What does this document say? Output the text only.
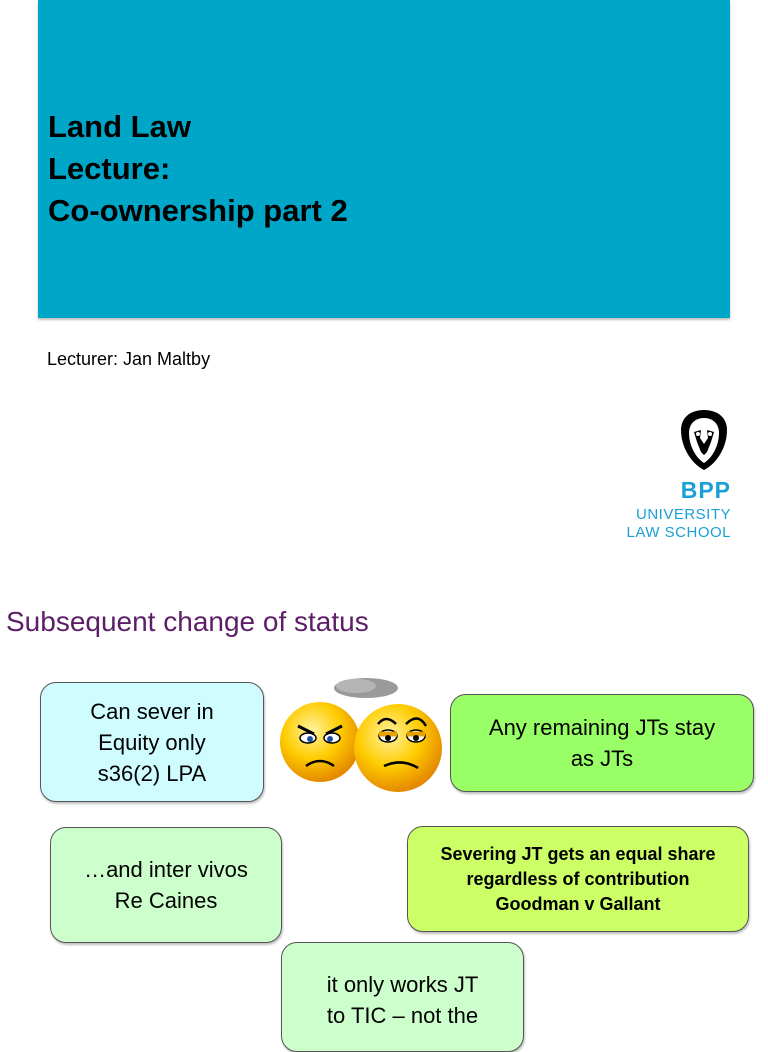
Land Law
Lecture:
Co-ownership part 2
Lecturer: Jan Maltby
BPP
UNIVERSITY
LAW SCHOOL
Subsequent change of status
Can sever in
Equity only
s36(2) LPA
Any remaining JTs stay
as JTs
…and inter vivos
Re Caines
Severing JT gets an equal share
regardless of contribution
Goodman v Gallant
it only works JT
to TIC – not the
